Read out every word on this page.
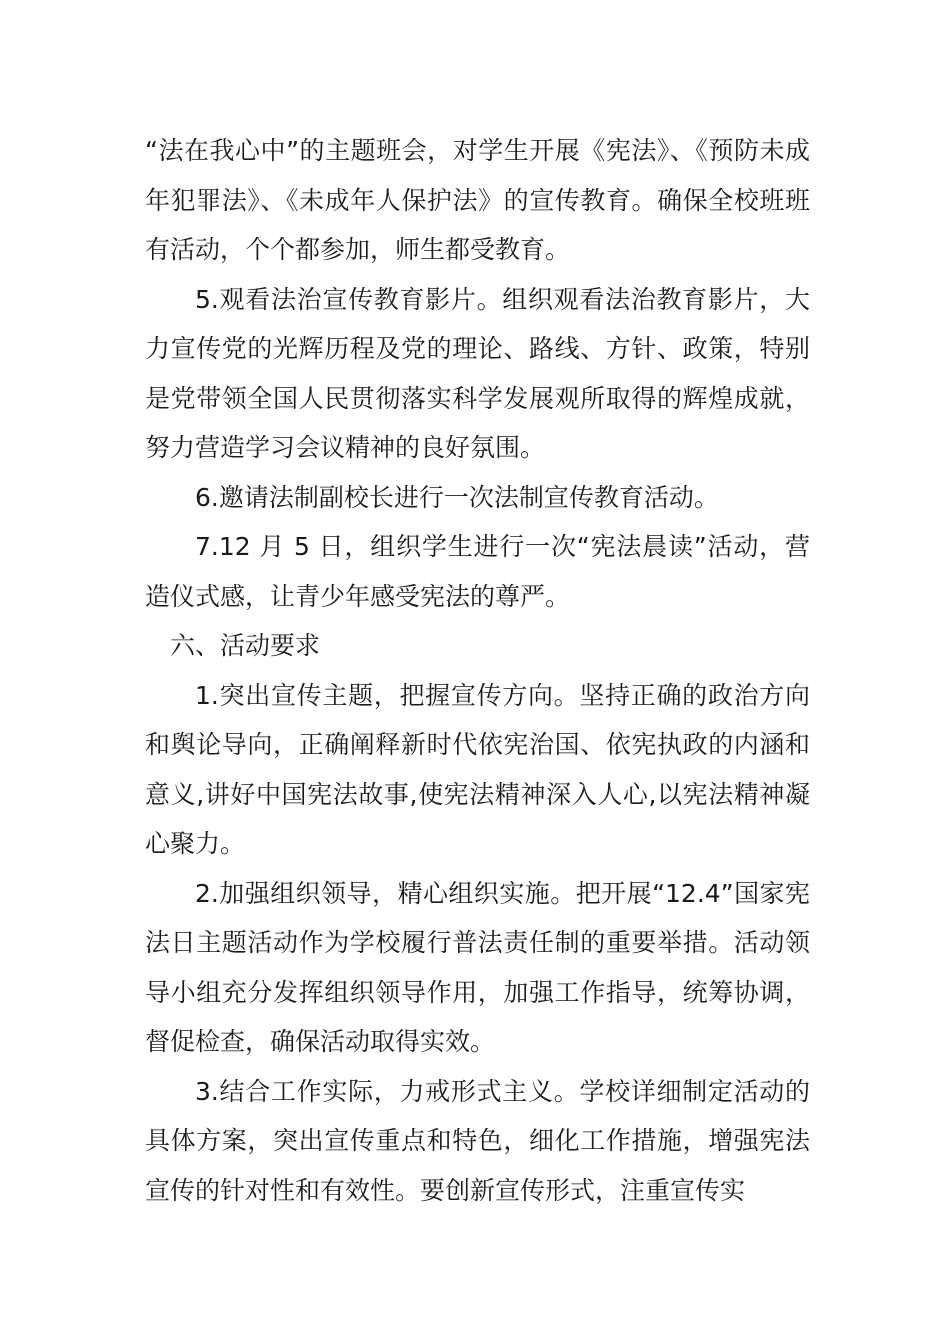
“法在我心中”的主题班会，对学生开展《宪法》、《预防未成年犯罪法》、《未成年人保护法》的宣传教育。确保全校班班有活动，个个都参加，师生都受教育。

5.观看法治宣传教育影片。组织观看法治教育影片，大力宣传党的光辉历程及党的理论、路线、方针、政策，特别是党带领全国人民贯彻落实科学发展观所取得的辉煌成就，努力营造学习会议精神的良好氛围。

6.邀请法制副校长进行一次法制宣传教育活动。

7.12 月 5 日，组织学生进行一次“宪法晨读”活动，营造仪式感，让青少年感受宪法的尊严。

六、活动要求

1.突出宣传主题，把握宣传方向。坚持正确的政治方向和舆论导向，正确阐释新时代依宪治国、依宪执政的内涵和意义,讲好中国宪法故事,使宪法精神深入人心,以宪法精神凝心聚力。

2.加强组织领导，精心组织实施。把开展“12.4”国家宪法日主题活动作为学校履行普法责任制的重要举措。活动领导小组充分发挥组织领导作用，加强工作指导，统筹协调，督促检查，确保活动取得实效。

3.结合工作实际，力戒形式主义。学校详细制定活动的具体方案，突出宣传重点和特色，细化工作措施，增强宪法宣传的针对性和有效性。要创新宣传形式，注重宣传实
